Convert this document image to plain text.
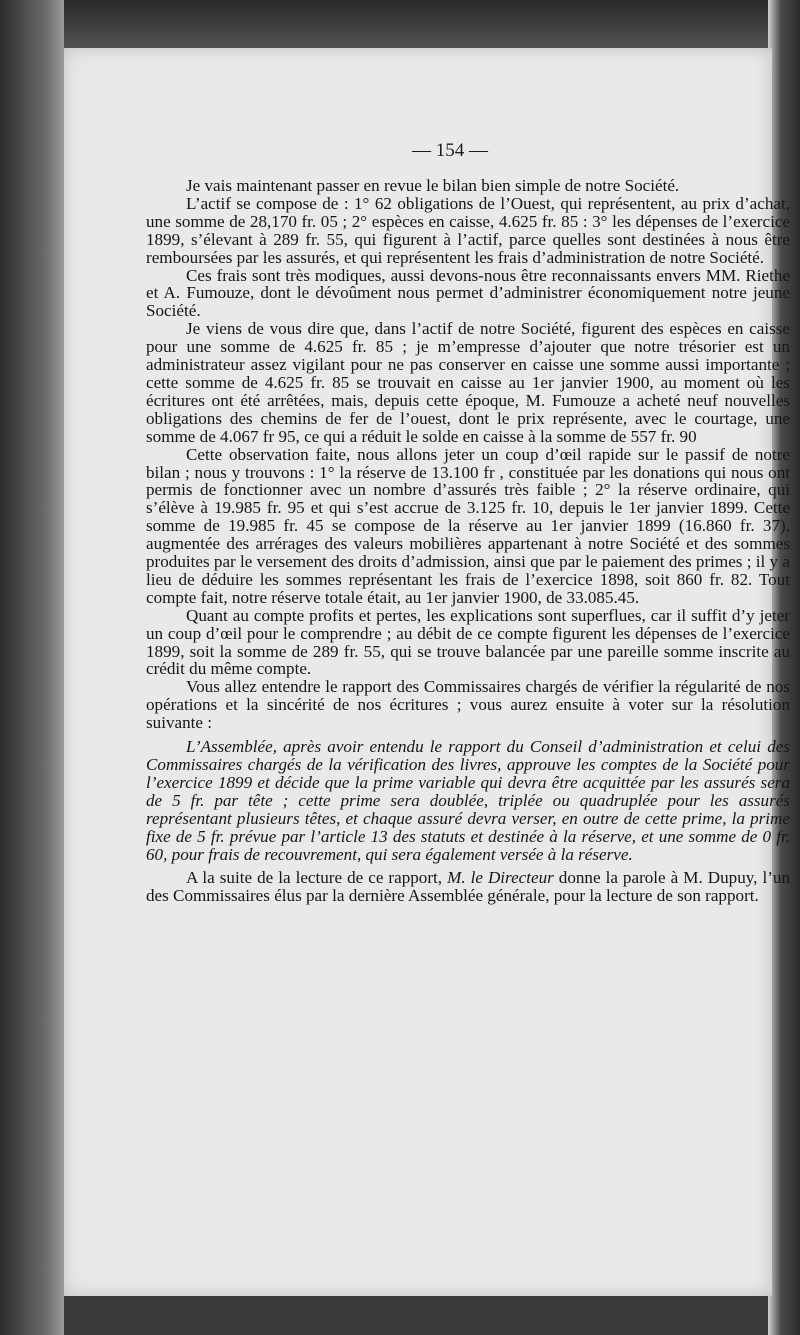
— 154 —

Je vais maintenant passer en revue le bilan bien simple de notre Société.

L’actif se compose de : 1° 62 obligations de l’Ouest, qui représentent, au prix d’achat, une somme de 28,170 fr. 05 ; 2° espèces en caisse, 4.625 fr. 85 : 3° les dépenses de l’exercice 1899, s’élevant à 289 fr. 55, qui figurent à l’actif, parce quelles sont destinées à nous être remboursées par les assurés, et qui représentent les frais d’administration de notre Société.

Ces frais sont très modiques, aussi devons-nous être reconnaissants envers MM. Riethe et A. Fumouze, dont le dévoûment nous permet d’administrer économiquement notre jeune Société.

Je viens de vous dire que, dans l’actif de notre Société, figurent des espèces en caisse pour une somme de 4.625 fr. 85 ; je m’empresse d’ajouter que notre trésorier est un administrateur assez vigilant pour ne pas conserver en caisse une somme aussi importante ; cette somme de 4.625 fr. 85 se trouvait en caisse au 1er janvier 1900, au moment où les écritures ont été arrêtées, mais, depuis cette époque, M. Fumouze a acheté neuf nouvelles obligations des chemins de fer de l’ouest, dont le prix représente, avec le courtage, une somme de 4.067 fr 95, ce qui a réduit le solde en caisse à la somme de 557 fr. 90

Cette observation faite, nous allons jeter un coup d’œil rapide sur le passif de notre bilan ; nous y trouvons : 1° la réserve de 13.100 fr , constituée par les donations qui nous ont permis de fonctionner avec un nombre d’assurés très faible ; 2° la réserve ordinaire, qui s’élève à 19.985 fr. 95 et qui s’est accrue de 3.125 fr. 10, depuis le 1er janvier 1899. Cette somme de 19.985 fr. 45 se compose de la réserve au 1er janvier 1899 (16.860 fr. 37), augmentée des arrérages des valeurs mobilières appartenant à notre Société et des sommes produites par le versement des droits d’admission, ainsi que par le paiement des primes ; il y a lieu de déduire les sommes représentant les frais de l’exercice 1898, soit 860 fr. 82. Tout compte fait, notre réserve totale était, au 1er janvier 1900, de 33.085.45.

Quant au compte profits et pertes, les explications sont superflues, car il suffit d’y jeter un coup d’œil pour le comprendre ; au débit de ce compte figurent les dépenses de l’exercice 1899, soit la somme de 289 fr. 55, qui se trouve balancée par une pareille somme inscrite au crédit du même compte.

Vous allez entendre le rapport des Commissaires chargés de vérifier la régularité de nos opérations et la sincérité de nos écritures ; vous aurez ensuite à voter sur la résolution suivante :

L’Assemblée, après avoir entendu le rapport du Conseil d’administration et celui des Commissaires chargés de la vérification des livres, approuve les comptes de la Société pour l’exercice 1899 et décide que la prime variable qui devra être acquittée par les assurés sera de 5 fr. par tête ; cette prime sera doublée, triplée ou quadruplée pour les assurés représentant plusieurs têtes, et chaque assuré devra verser, en outre de cette prime, la prime fixe de 5 fr. prévue par l’article 13 des statuts et destinée à la réserve, et une somme de 0 fr. 60, pour frais de recouvrement, qui sera également versée à la réserve.

A la suite de la lecture de ce rapport, M. le Directeur donne la parole à M. Dupuy, l’un des Commissaires élus par la dernière Assemblée générale, pour la lecture de son rapport.
